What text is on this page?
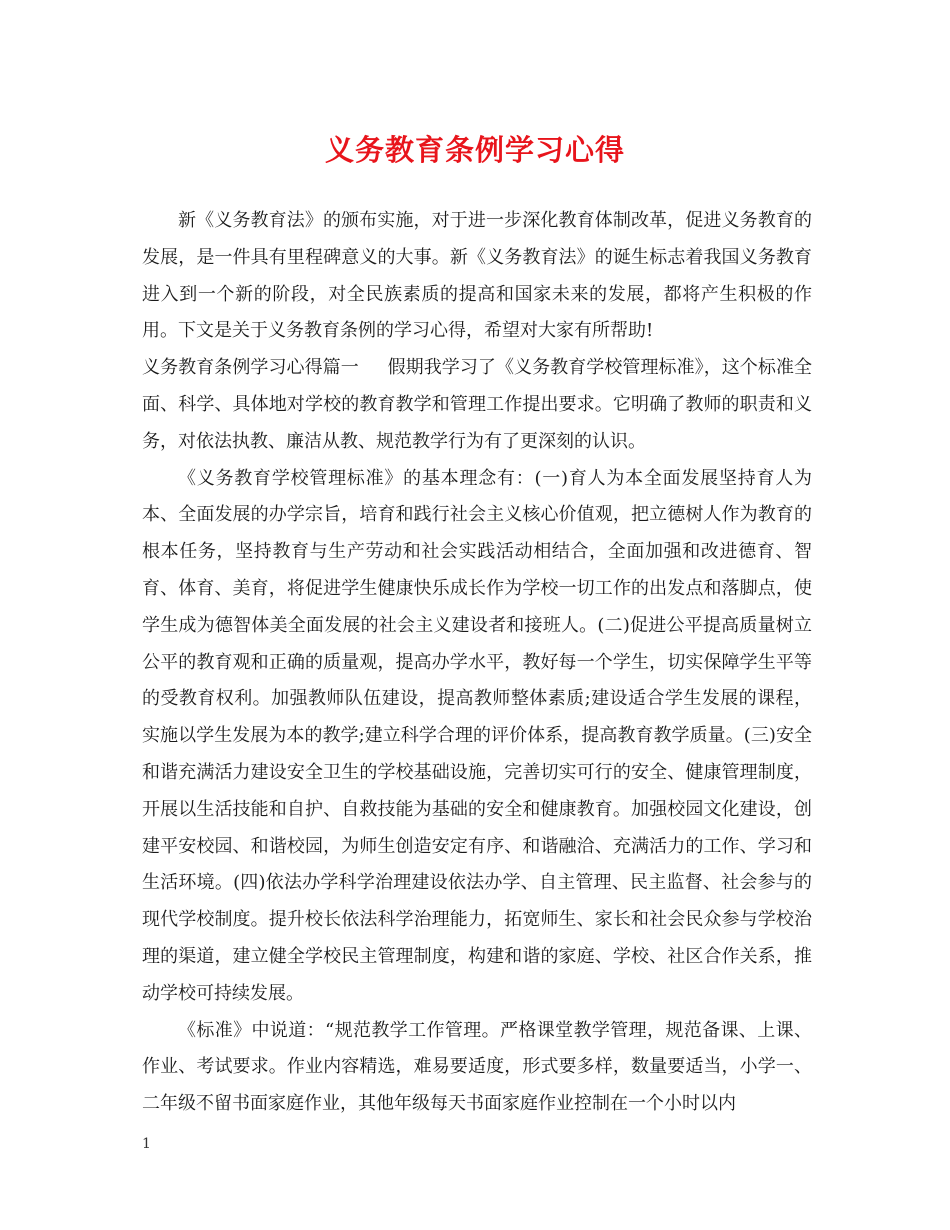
义务教育条例学习心得

新《义务教育法》的颁布实施，对于进一步深化教育体制改革，促进义务教育的发展，是一件具有里程碑意义的大事。新《义务教育法》的诞生标志着我国义务教育进入到一个新的阶段，对全民族素质的提高和国家未来的发展，都将产生积极的作用。下文是关于义务教育条例的学习心得，希望对大家有所帮助!

义务教育条例学习心得篇一 假期我学习了《义务教育学校管理标准》，这个标准全面、科学、具体地对学校的教育教学和管理工作提出要求。它明确了教师的职责和义务，对依法执教、廉洁从教、规范教学行为有了更深刻的认识。

《义务教育学校管理标准》的基本理念有：(一)育人为本全面发展坚持育人为本、全面发展的办学宗旨，培育和践行社会主义核心价值观，把立德树人作为教育的根本任务，坚持教育与生产劳动和社会实践活动相结合，全面加强和改进德育、智育、体育、美育，将促进学生健康快乐成长作为学校一切工作的出发点和落脚点，使学生成为德智体美全面发展的社会主义建设者和接班人。(二)促进公平提高质量树立公平的教育观和正确的质量观，提高办学水平，教好每一个学生，切实保障学生平等的受教育权利。加强教师队伍建设，提高教师整体素质;建设适合学生发展的课程，实施以学生发展为本的教学;建立科学合理的评价体系，提高教育教学质量。(三)安全和谐充满活力建设安全卫生的学校基础设施，完善切实可行的安全、健康管理制度，开展以生活技能和自护、自救技能为基础的安全和健康教育。加强校园文化建设，创建平安校园、和谐校园，为师生创造安定有序、和谐融洽、充满活力的工作、学习和生活环境。(四)依法办学科学治理建设依法办学、自主管理、民主监督、社会参与的现代学校制度。提升校长依法科学治理能力，拓宽师生、家长和社会民众参与学校治理的渠道，建立健全学校民主管理制度，构建和谐的家庭、学校、社区合作关系，推动学校可持续发展。

《标准》中说道：“规范教学工作管理。严格课堂教学管理，规范备课、上课、作业、考试要求。作业内容精选，难易要适度，形式要多样，数量要适当，小学一、二年级不留书面家庭作业，其他年级每天书面家庭作业控制在一个小时以内

1
